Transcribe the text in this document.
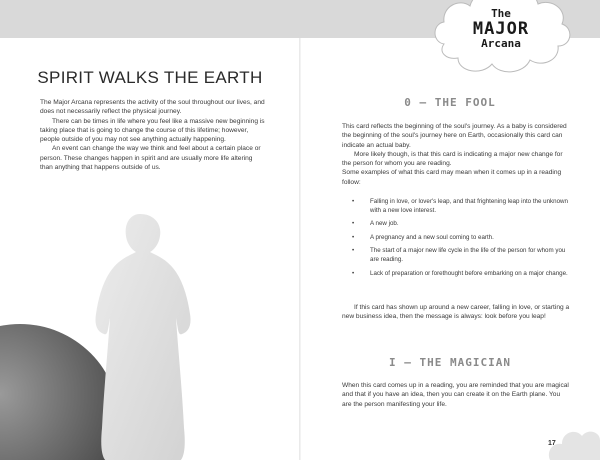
SPIRIT WALKS THE EARTH

The Major Arcana represents the activity of the soul throughout our lives, and does not necessarily reflect the physical journey.

There can be times in life where you feel like a massive new beginning is taking place that is going to change the course of this lifetime; however, people outside of you may not see anything actually happening.

An event can change the way we think and feel about a certain place or person. These changes happen in spirit and are usually more life altering than anything that happens outside of us.

0 – THE FOOL

This card reflects the beginning of the soul's journey. As a baby is considered the beginning of the soul's journey here on Earth, occasionally this card can indicate an actual baby.

More likely though, is that this card is indicating a major new change for the person for whom you are reading.

Some examples of what this card may mean when it comes up in a reading follow:

•	Falling in love, or lover's leap, and that frightening leap into the unknown with a new love interest.
•	A new job.
•	A pregnancy and a new soul coming to earth.
•	The start of a major new life cycle in the life of the person for whom you are reading.
•	Lack of preparation or forethought before embarking on a major change.

If this card has shown up around a new career, falling in love, or starting a new business idea, then the message is always: look before you leap!

I – THE MAGICIAN

When this card comes up in a reading, you are reminded that you are magical and that if you have an idea, then you can create it on the Earth plane. You are the person manifesting your life.

The
MAJOR
Arcana
17
